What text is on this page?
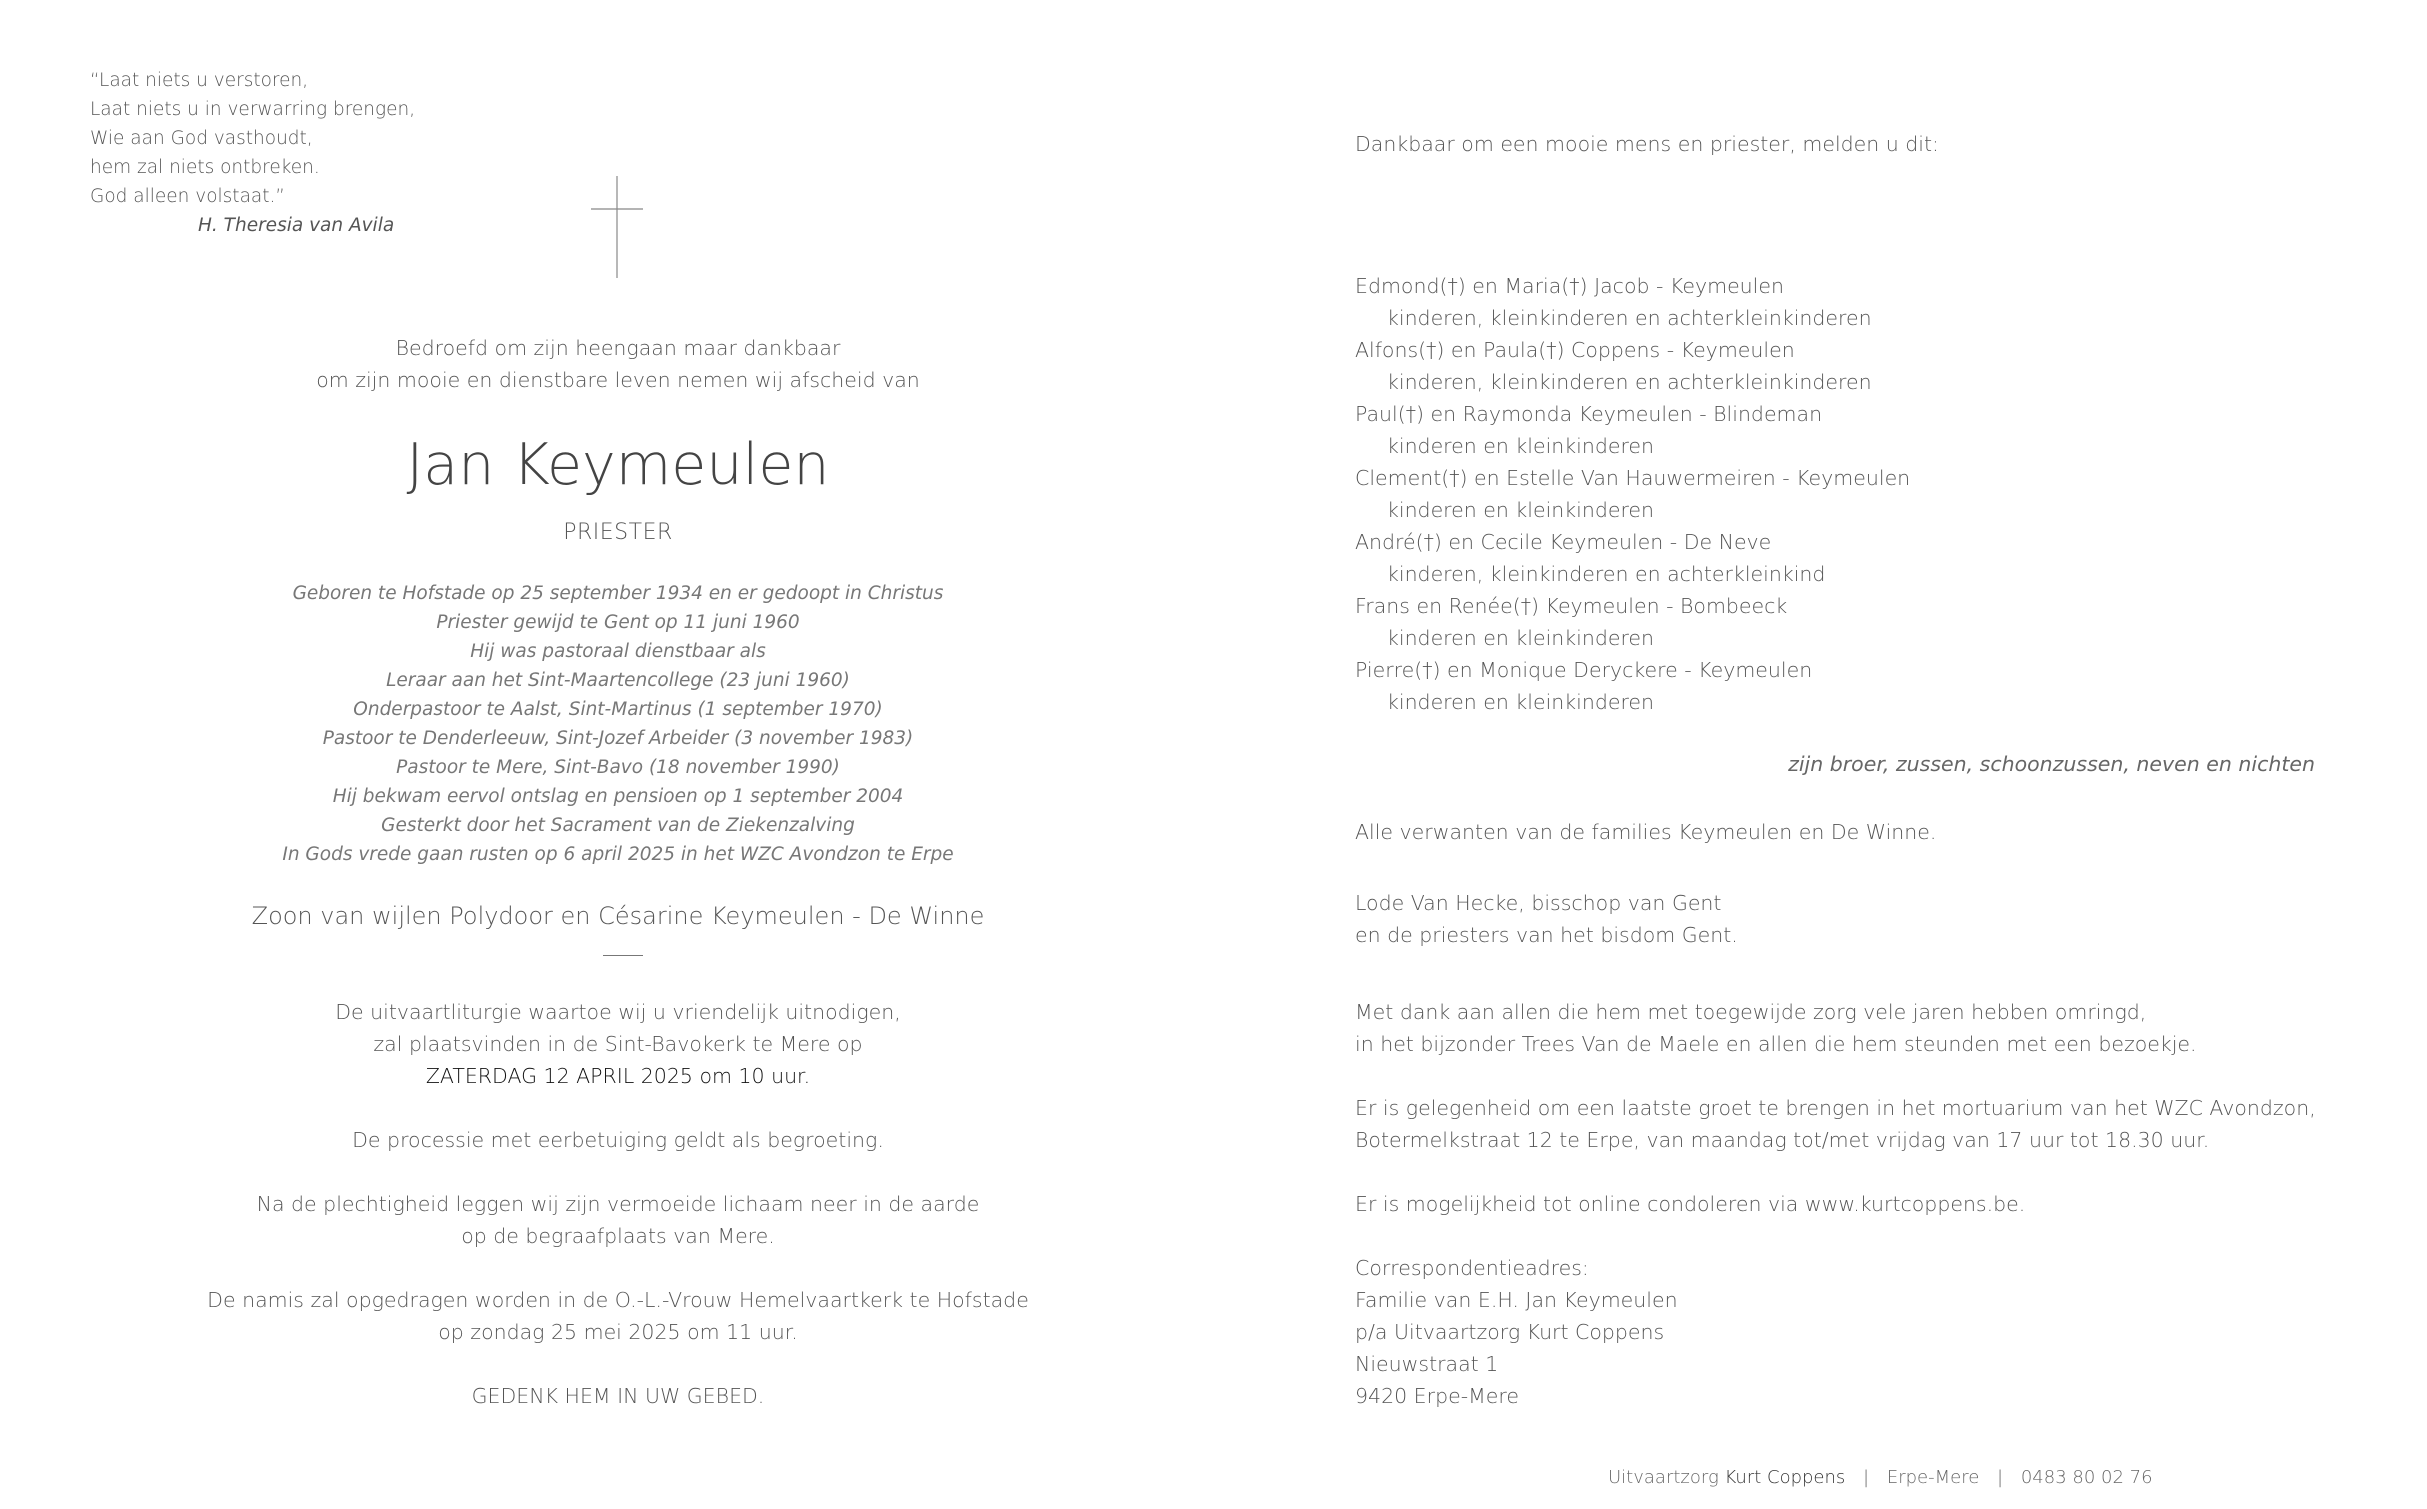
“Laat niets u verstoren,
Laat niets u in verwarring brengen,
Wie aan God vasthoudt,
hem zal niets ontbreken.
God alleen volstaat.”
H. Theresia van Avila
Bedroefd om zijn heengaan maar dankbaar
om zijn mooie en dienstbare leven nemen wij afscheid van
Jan Keymeulen
PRIESTER
Geboren te Hofstade op 25 september 1934 en er gedoopt in Christus
Priester gewijd te Gent op 11 juni 1960
Hij was pastoraal dienstbaar als
Leraar aan het Sint-Maartencollege (23 juni 1960)
Onderpastoor te Aalst, Sint-Martinus (1 september 1970)
Pastoor te Denderleeuw, Sint-Jozef Arbeider (3 november 1983)
Pastoor te Mere, Sint-Bavo (18 november 1990)
Hij bekwam eervol ontslag en pensioen op 1 september 2004
Gesterkt door het Sacrament van de Ziekenzalving
In Gods vrede gaan rusten op 6 april 2025 in het WZC Avondzon te Erpe
Zoon van wijlen Polydoor en Césarine Keymeulen - De Winne
De uitvaartliturgie waartoe wij u vriendelijk uitnodigen,
zal plaatsvinden in de Sint-Bavokerk te Mere op
ZATERDAG 12 APRIL 2025 om 10 uur.
De processie met eerbetuiging geldt als begroeting.
Na de plechtigheid leggen wij zijn vermoeide lichaam neer in de aarde
op de begraafplaats van Mere.
De namis zal opgedragen worden in de O.-L.-Vrouw Hemelvaartkerk te Hofstade
op zondag 25 mei 2025 om 11 uur.
GEDENK HEM IN UW GEBED.
Dankbaar om een mooie mens en priester, melden u dit:
Edmond(†) en Maria(†) Jacob - Keymeulen
kinderen, kleinkinderen en achterkleinkinderen
Alfons(†) en Paula(†) Coppens - Keymeulen
kinderen, kleinkinderen en achterkleinkinderen
Paul(†) en Raymonda Keymeulen - Blindeman
kinderen en kleinkinderen
Clement(†) en Estelle Van Hauwermeiren - Keymeulen
kinderen en kleinkinderen
André(†) en Cecile Keymeulen - De Neve
kinderen, kleinkinderen en achterkleinkind
Frans en Renée(†) Keymeulen - Bombeeck
kinderen en kleinkinderen
Pierre(†) en Monique Deryckere - Keymeulen
kinderen en kleinkinderen
zijn broer, zussen, schoonzussen, neven en nichten
Alle verwanten van de families Keymeulen en De Winne.
Lode Van Hecke, bisschop van Gent
en de priesters van het bisdom Gent.
Met dank aan allen die hem met toegewijde zorg vele jaren hebben omringd,
in het bijzonder Trees Van de Maele en allen die hem steunden met een bezoekje.
Er is gelegenheid om een laatste groet te brengen in het mortuarium van het WZC Avondzon,
Botermelkstraat 12 te Erpe, van maandag tot/met vrijdag van 17 uur tot 18.30 uur.
Er is mogelijkheid tot online condoleren via www.kurtcoppens.be.
Correspondentieadres:
Familie van E.H. Jan Keymeulen
p/a Uitvaartzorg Kurt Coppens
Nieuwstraat 1
9420 Erpe-Mere
Uitvaartzorg Kurt Coppens | Erpe-Mere | 0483 80 02 76
